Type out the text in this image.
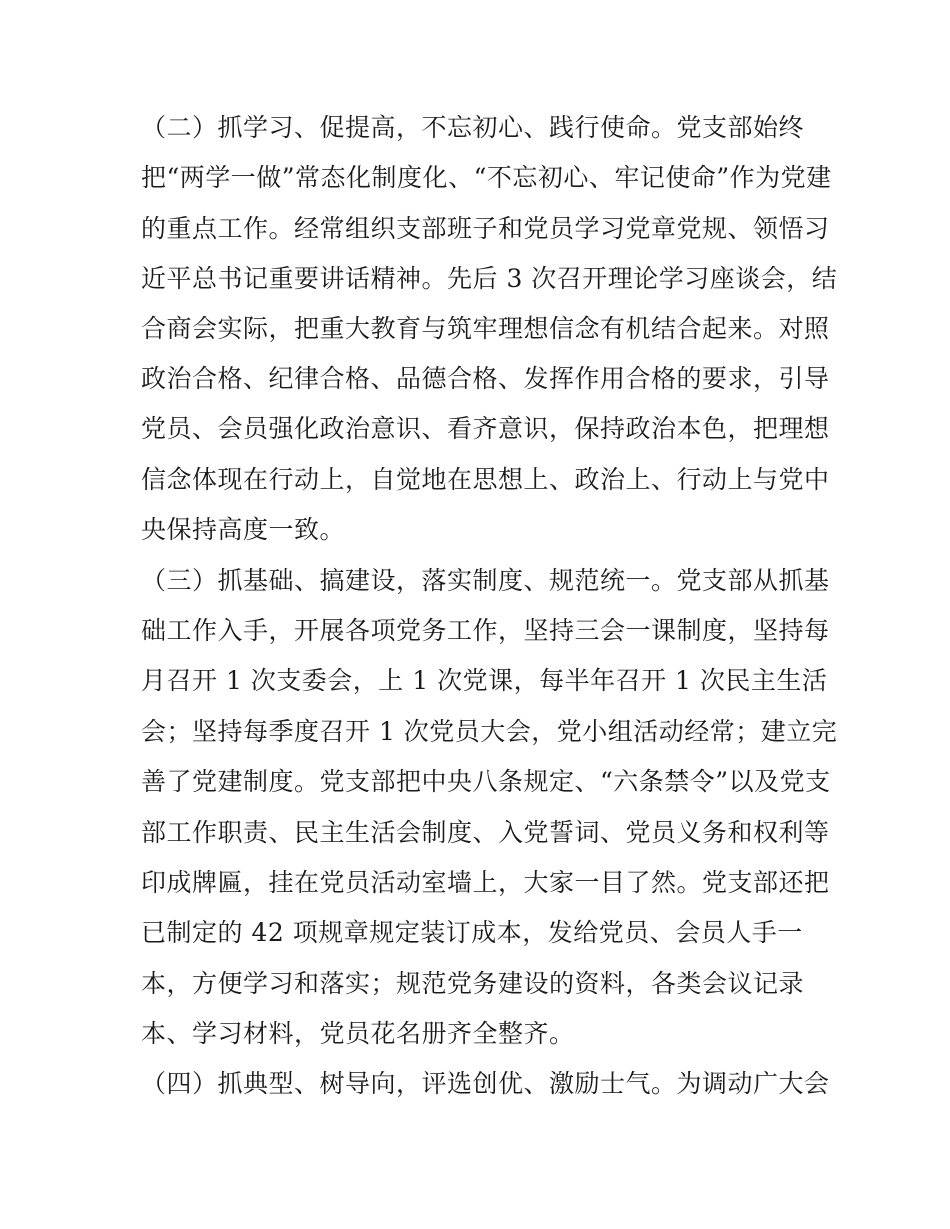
（二）抓学习、促提高，不忘初心、践行使命。党支部始终
把“两学一做”常态化制度化、“不忘初心、牢记使命”作为党建
的重点工作。经常组织支部班子和党员学习党章党规、领悟习
近平总书记重要讲话精神。先后 3 次召开理论学习座谈会，结
合商会实际，把重大教育与筑牢理想信念有机结合起来。对照
政治合格、纪律合格、品德合格、发挥作用合格的要求，引导
党员、会员强化政治意识、看齐意识，保持政治本色，把理想
信念体现在行动上，自觉地在思想上、政治上、行动上与党中
央保持高度一致。
（三）抓基础、搞建设，落实制度、规范统一。党支部从抓基
础工作入手，开展各项党务工作，坚持三会一课制度，坚持每
月召开 1 次支委会，上 1 次党课，每半年召开 1 次民主生活
会；坚持每季度召开 1 次党员大会，党小组活动经常；建立完
善了党建制度。党支部把中央八条规定、“六条禁令”以及党支
部工作职责、民主生活会制度、入党誓词、党员义务和权利等
印成牌匾，挂在党员活动室墙上，大家一目了然。党支部还把
已制定的 42 项规章规定装订成本，发给党员、会员人手一
本，方便学习和落实；规范党务建设的资料，各类会议记录
本、学习材料，党员花名册齐全整齐。
（四）抓典型、树导向，评选创优、激励士气。为调动广大会
